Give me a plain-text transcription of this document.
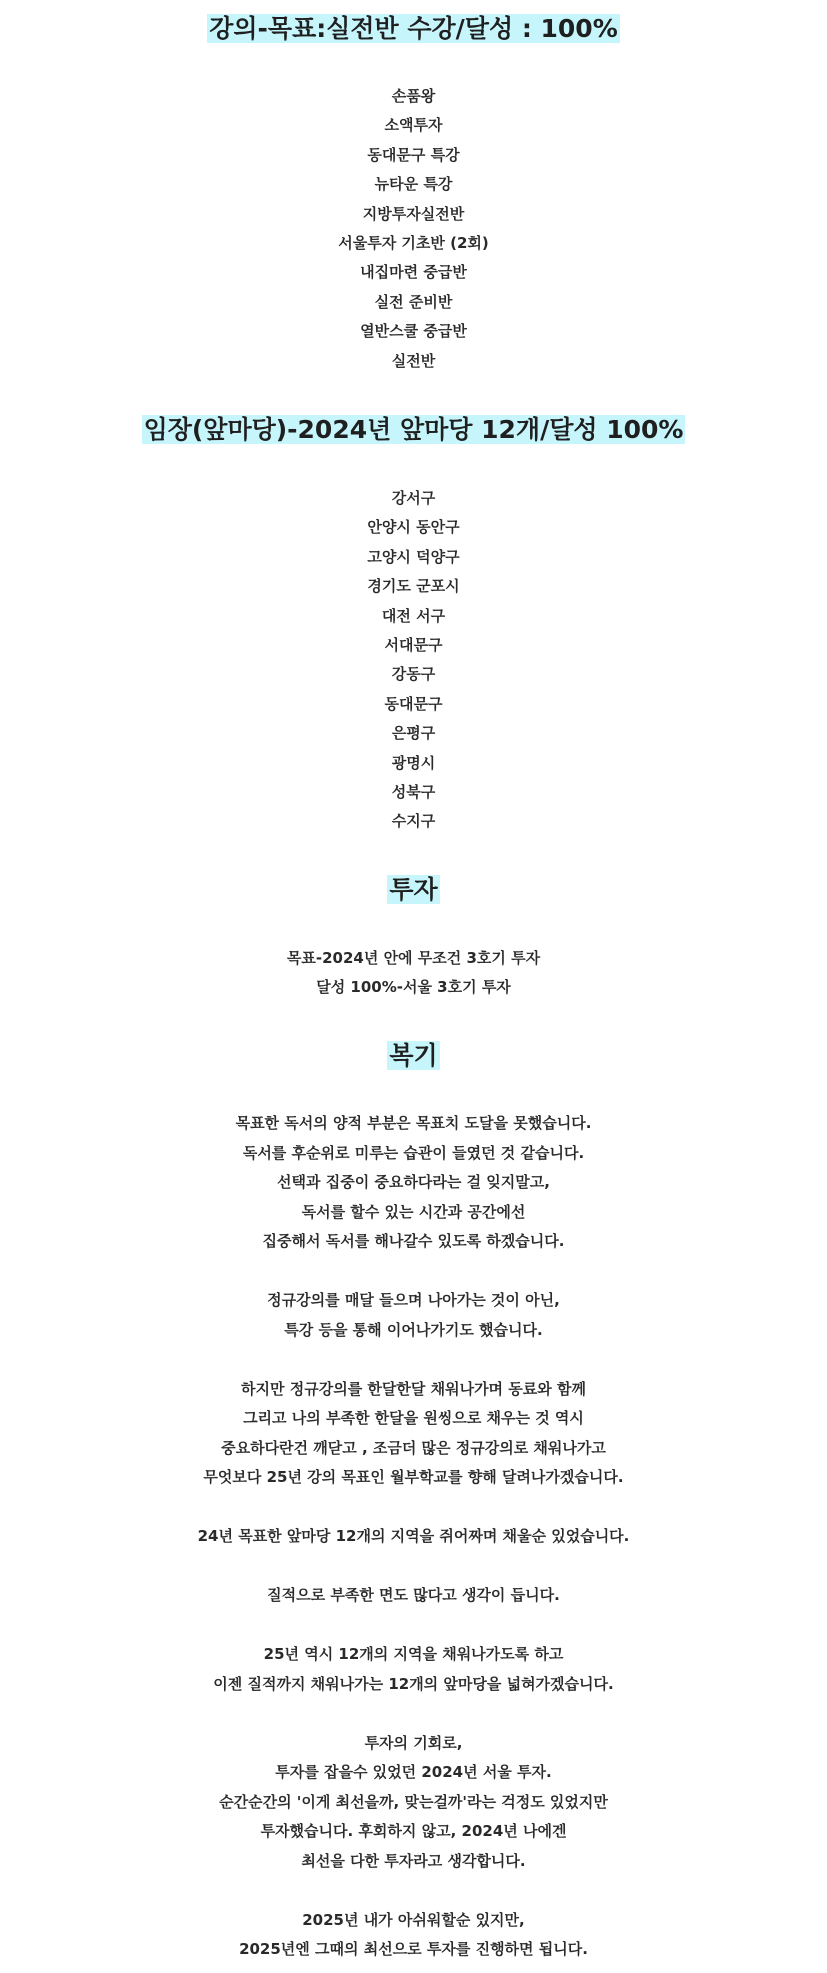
강의-목표:실전반 수강/달성 : 100%
손품왕
소액투자
동대문구 특강
뉴타운 특강
지방투자실전반
서울투자 기초반 (2회)
내집마련 중급반
실전 준비반
열반스쿨 중급반
실전반
임장(앞마당)-2024년 앞마당 12개/달성 100%
강서구
안양시 동안구
고양시 덕양구
경기도 군포시
대전 서구
서대문구
강동구
동대문구
은평구
광명시
성북구
수지구
투자
목표-2024년 안에 무조건 3호기 투자
달성 100%-서울 3호기 투자
복기
목표한 독서의 양적 부분은 목표치 도달을 못했습니다.
독서를 후순위로 미루는 습관이 들였던 것 같습니다.
선택과 집중이 중요하다라는 걸 잊지말고,
독서를 할수 있는 시간과 공간에선
집중해서 독서를 해나갈수 있도록 하겠습니다.
정규강의를 매달 들으며 나아가는 것이 아닌,
특강 등을 통해 이어나가기도 했습니다.
하지만 정규강의를 한달한달 채워나가며 동료와 함께
그리고 나의 부족한 한달을 원씽으로 채우는 것 역시
중요하다란건 깨닫고 , 조금더 많은 정규강의로 채워나가고
무엇보다 25년 강의 목표인 월부학교를 향해 달려나가겠습니다.
24년 목표한 앞마당 12개의 지역을 쥐어짜며 채울순 있었습니다.
질적으로 부족한 면도 많다고 생각이 듭니다.
25년 역시 12개의 지역을 채워나가도록 하고
이젠 질적까지 채워나가는 12개의 앞마당을 넓혀가겠습니다.
투자의 기회로,
투자를 잡을수 있었던 2024년 서울 투자.
순간순간의 '이게 최선을까, 맞는걸까'라는 걱정도 있었지만
투자했습니다. 후회하지 않고, 2024년 나에겐
최선을 다한 투자라고 생각합니다.
2025년 내가 아쉬워할순 있지만,
2025년엔 그때의 최선으로 투자를 진행하면 됩니다.
